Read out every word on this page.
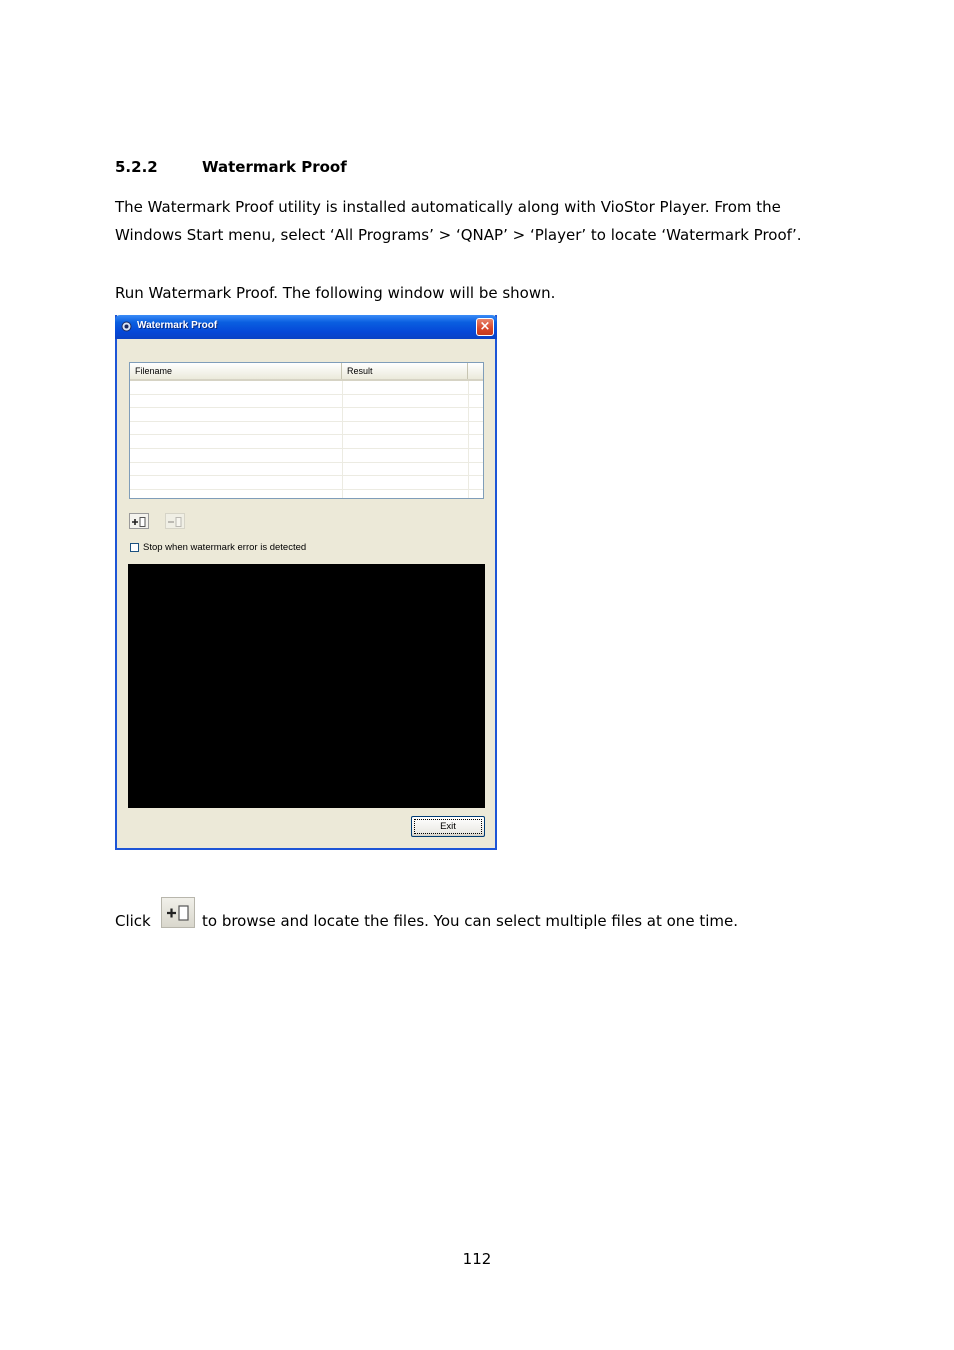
5.2.2	Watermark Proof
The Watermark Proof utility is installed automatically along with VioStor Player. From the
Windows Start menu, select ‘All Programs’ > ‘QNAP’ > ‘Player’ to locate ‘Watermark Proof’.
Run Watermark Proof. The following window will be shown.
Watermark Proof	×
Filename	Result
Stop when watermark error is detected
Exit
Click	to browse and locate the files. You can select multiple files at one time.
112
